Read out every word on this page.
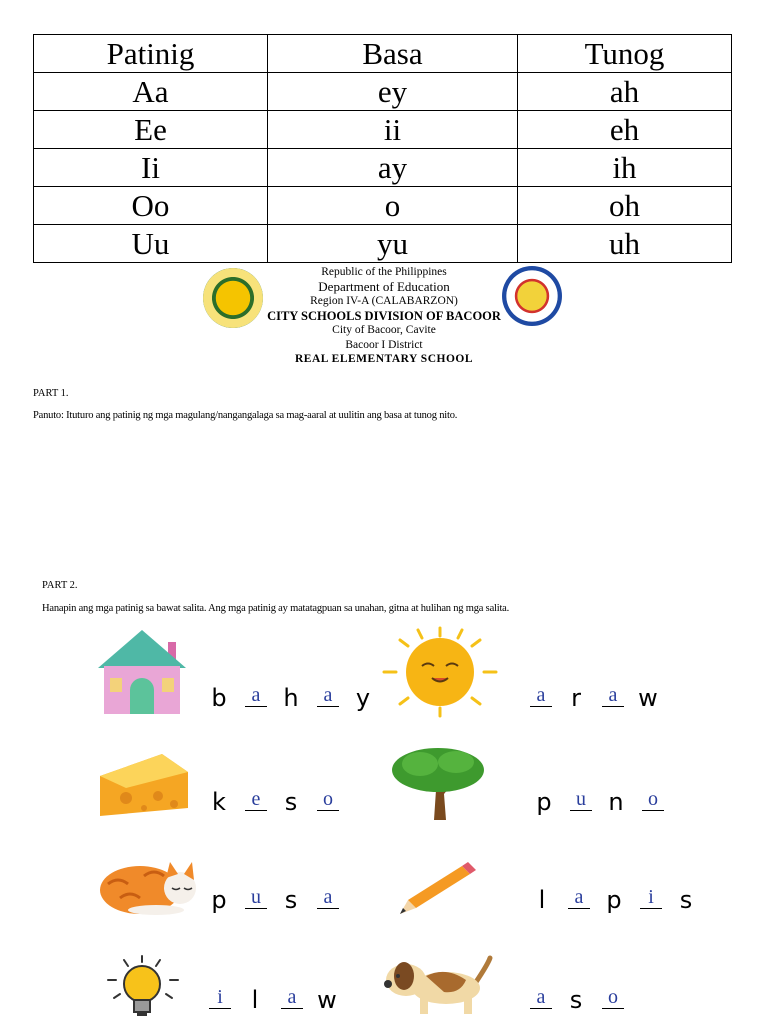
Patinig	Basa	Tunog
Aa	ey	ah
Ee	ii	eh
Ii	ay	ih
Oo	o	oh
Uu	yu	uh
Republic of the Philippines
Department of Education
Region IV-A (CALABARZON)
CITY SCHOOLS DIVISION OF BACOOR
City of Bacoor, Cavite
Bacoor I District
REAL ELEMENTARY SCHOOL
PART 1.
Panuto: Ituturo ang patinig ng mga magulang/nangangalaga sa mag-aaral at uulitin ang basa at tunog nito.
PART 2.
Hanapin ang mga patinig sa bawat salita. Ang mga patinig ay matatagpuan sa unahan, gitna at hulihan ng mga salita.
b a h a y	a r a w
k e s o	p u n o
p u s a	l a p i s
i l a w	a s o
